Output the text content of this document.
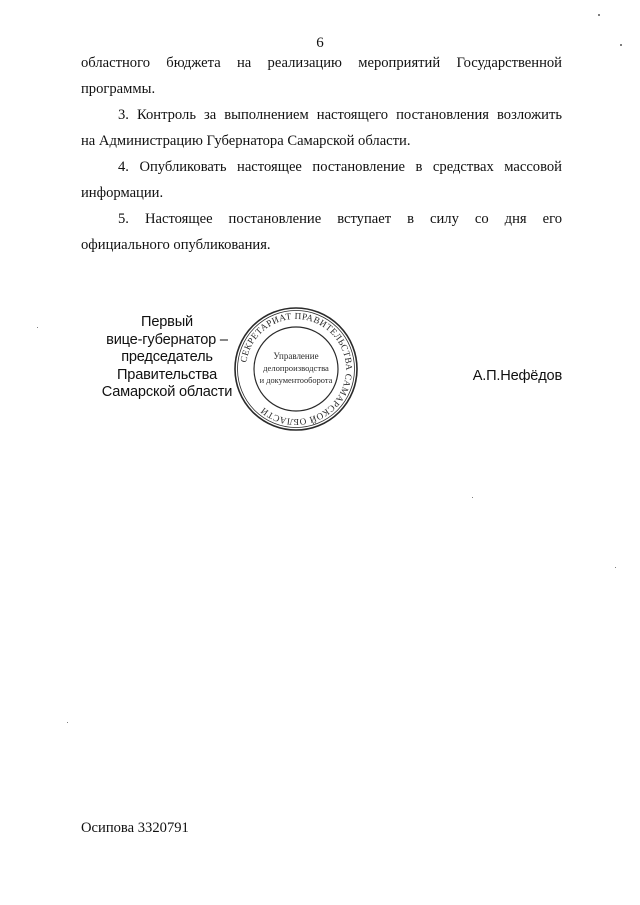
6
областного бюджета на реализацию мероприятий Государственной
программы.
3. Контроль за выполнением настоящего постановления возложить
на Администрацию Губернатора Самарской области.
4. Опубликовать настоящее постановление в средствах массовой
информации.
5. Настоящее постановление вступает в силу со дня его
официального опубликования.
Первый
вице-губернатор –
председатель Правительства
Самарской области
А.П.Нефёдов
СЕКРЕТАРИАТ ПРАВИТЕЛЬСТВА САМАРСКОЙ ОБЛАСТИ
Управление
делопроизводства
и документооборота
Осипова 3320791
